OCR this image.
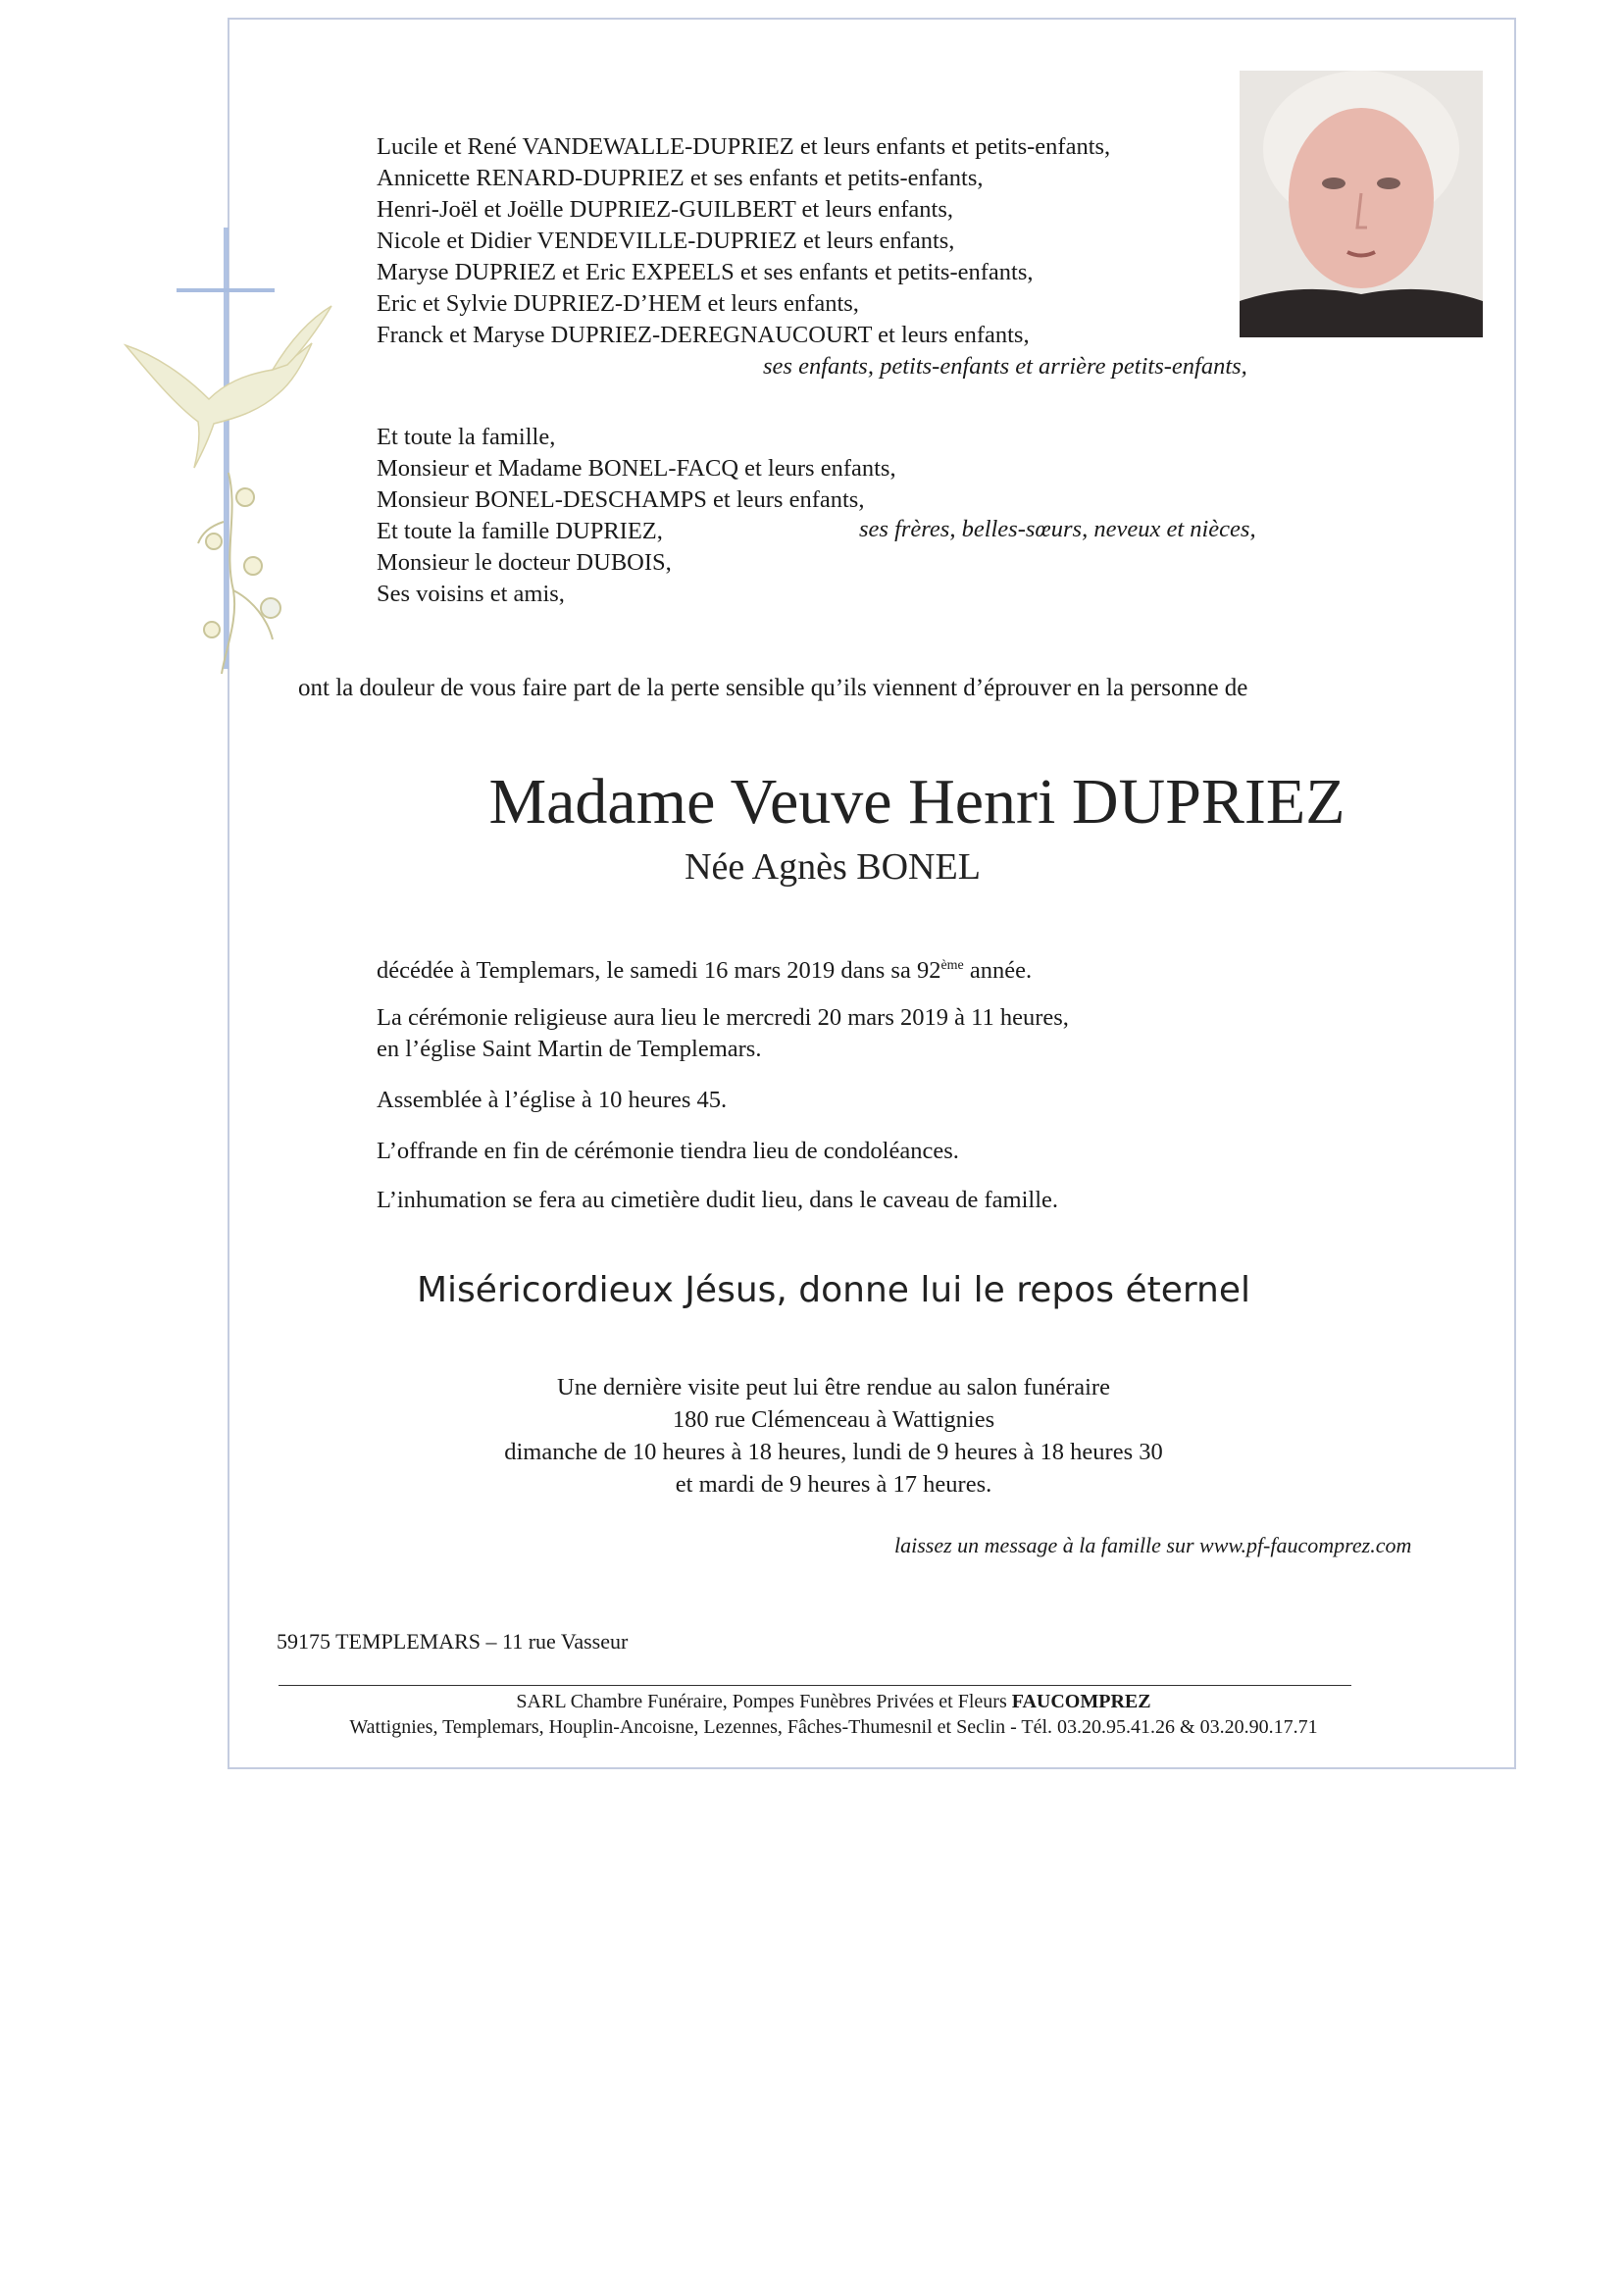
Lucile et René VANDEWALLE-DUPRIEZ et leurs enfants et petits-enfants,
Annicette RENARD-DUPRIEZ et ses enfants et petits-enfants,
Henri-Joël et Joëlle DUPRIEZ-GUILBERT et leurs enfants,
Nicole et Didier VENDEVILLE-DUPRIEZ et leurs enfants,
Maryse DUPRIEZ et Eric EXPEELS et ses enfants et petits-enfants,
Eric et Sylvie DUPRIEZ-D’HEM et leurs enfants,
Franck et Maryse DUPRIEZ-DEREGNAUCOURT et leurs enfants,
ses enfants, petits-enfants et arrière petits-enfants,
Et toute la famille,
Monsieur et Madame BONEL-FACQ et leurs enfants,
Monsieur BONEL-DESCHAMPS et leurs enfants,
Et toute la famille DUPRIEZ,	ses frères, belles-sœurs, neveux et nièces,
Monsieur le docteur DUBOIS,
Ses voisins et amis,
ont la douleur de vous faire part de la perte sensible qu’ils viennent d’éprouver en la personne de
Madame Veuve Henri DUPRIEZ
Née Agnès BONEL
décédée à Templemars, le samedi 16 mars 2019 dans sa 92ème année.
La cérémonie religieuse aura lieu le mercredi 20 mars 2019 à 11 heures,
en l’église Saint Martin de Templemars.
Assemblée à l’église à 10 heures 45.
L’offrande en fin de cérémonie tiendra lieu de condoléances.
L’inhumation se fera au cimetière dudit lieu, dans le caveau de famille.
Miséricordieux Jésus, donne lui le repos éternel
Une dernière visite peut lui être rendue au salon funéraire
180 rue Clémenceau à Wattignies
dimanche de 10 heures à 18 heures, lundi de 9 heures à 18 heures 30
et mardi de 9 heures à 17 heures.
laissez un message à la famille sur www.pf-faucomprez.com
59175 TEMPLEMARS – 11 rue Vasseur
SARL Chambre Funéraire, Pompes Funèbres Privées et Fleurs FAUCOMPREZ
Wattignies, Templemars, Houplin-Ancoisne, Lezennes, Fâches-Thumesnil et Seclin - Tél. 03.20.95.41.26 & 03.20.90.17.71
